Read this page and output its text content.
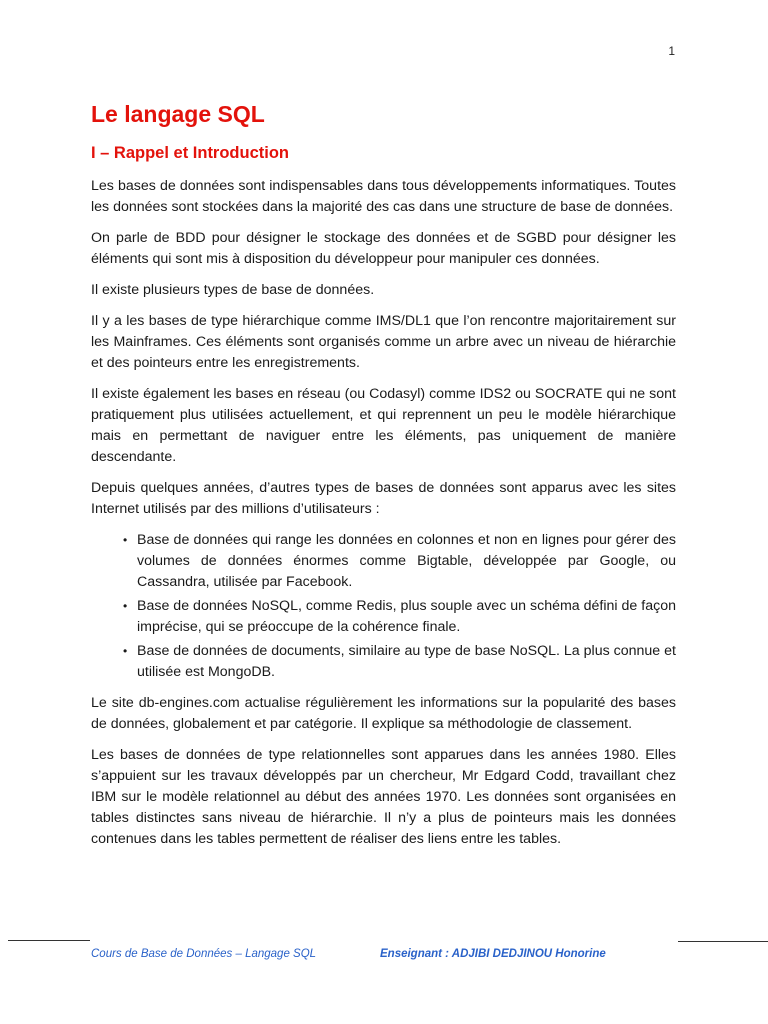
1
Le langage SQL
I – Rappel et Introduction

Les bases de données sont indispensables dans tous développements informatiques. Toutes les données sont stockées dans la majorité des cas dans une structure de base de données.

On parle de BDD pour désigner le stockage des données et de SGBD pour désigner les éléments qui sont mis à disposition du développeur pour manipuler ces données.

Il existe plusieurs types de base de données.

Il y a les bases de type hiérarchique comme IMS/DL1 que l’on rencontre majoritairement sur les Mainframes. Ces éléments sont organisés comme un arbre avec un niveau de hiérarchie et des pointeurs entre les enregistrements.

Il existe également les bases en réseau (ou Codasyl) comme IDS2 ou SOCRATE qui ne sont pratiquement plus utilisées actuellement, et qui reprennent un peu le modèle hiérarchique mais en permettant de naviguer entre les éléments, pas uniquement de manière descendante.

Depuis quelques années, d’autres types de bases de données sont apparus avec les sites Internet utilisés par des millions d’utilisateurs :

• Base de données qui range les données en colonnes et non en lignes pour gérer des volumes de données énormes comme Bigtable, développée par Google, ou Cassandra, utilisée par Facebook.
• Base de données NoSQL, comme Redis, plus souple avec un schéma défini de façon imprécise, qui se préoccupe de la cohérence finale.
• Base de données de documents, similaire au type de base NoSQL. La plus connue et utilisée est MongoDB.

Le site db-engines.com actualise régulièrement les informations sur la popularité des bases de données, globalement et par catégorie. Il explique sa méthodologie de classement.

Les bases de données de type relationnelles sont apparues dans les années 1980. Elles s’appuient sur les travaux développés par un chercheur, Mr Edgard Codd, travaillant chez IBM sur le modèle relationnel au début des années 1970. Les données sont organisées en tables distinctes sans niveau de hiérarchie. Il n’y a plus de pointeurs mais les données contenues dans les tables permettent de réaliser des liens entre les tables.

Cours de Base de Données – Langage SQL	Enseignant : ADJIBI DEDJINOU Honorine
